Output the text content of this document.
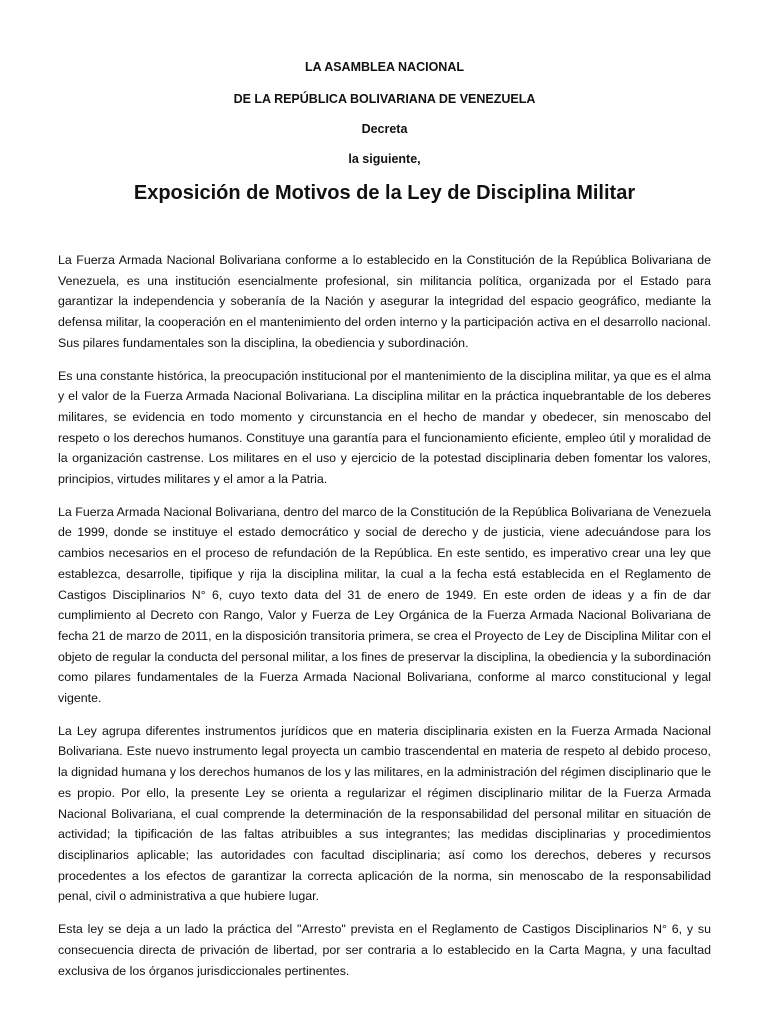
LA ASAMBLEA NACIONAL
DE LA REPÚBLICA BOLIVARIANA DE VENEZUELA
Decreta
la siguiente,
Exposición de Motivos de la Ley de Disciplina Militar

La Fuerza Armada Nacional Bolivariana conforme a lo establecido en la Constitución de la República Bolivariana de Venezuela, es una institución esencialmente profesional, sin militancia política, organizada por el Estado para garantizar la independencia y soberanía de la Nación y asegurar la integridad del espacio geográfico, mediante la defensa militar, la cooperación en el mantenimiento del orden interno y la participación activa en el desarrollo nacional. Sus pilares fundamentales son la disciplina, la obediencia y subordinación.

Es una constante histórica, la preocupación institucional por el mantenimiento de la disciplina militar, ya que es el alma y el valor de la Fuerza Armada Nacional Bolivariana. La disciplina militar en la práctica inquebrantable de los deberes militares, se evidencia en todo momento y circunstancia en el hecho de mandar y obedecer, sin menoscabo del respeto o los derechos humanos. Constituye una garantía para el funcionamiento eficiente, empleo útil y moralidad de la organización castrense. Los militares en el uso y ejercicio de la potestad disciplinaria deben fomentar los valores, principios, virtudes militares y el amor a la Patria.

La Fuerza Armada Nacional Bolivariana, dentro del marco de la Constitución de la República Bolivariana de Venezuela de 1999, donde se instituye el estado democrático y social de derecho y de justicia, viene adecuándose para los cambios necesarios en el proceso de refundación de la República. En este sentido, es imperativo crear una ley que establezca, desarrolle, tipifique y rija la disciplina militar, la cual a la fecha está establecida en el Reglamento de Castigos Disciplinarios N° 6, cuyo texto data del 31 de enero de 1949. En este orden de ideas y a fin de dar cumplimiento al Decreto con Rango, Valor y Fuerza de Ley Orgánica de la Fuerza Armada Nacional Bolivariana de fecha 21 de marzo de 2011, en la disposición transitoria primera, se crea el Proyecto de Ley de Disciplina Militar con el objeto de regular la conducta del personal militar, a los fines de preservar la disciplina, la obediencia y la subordinación como pilares fundamentales de la Fuerza Armada Nacional Bolivariana, conforme al marco constitucional y legal vigente.

La Ley agrupa diferentes instrumentos jurídicos que en materia disciplinaria existen en la Fuerza Armada Nacional Bolivariana. Este nuevo instrumento legal proyecta un cambio trascendental en materia de respeto al debido proceso, la dignidad humana y los derechos humanos de los y las militares, en la administración del régimen disciplinario que le es propio. Por ello, la presente Ley se orienta a regularizar el régimen disciplinario militar de la Fuerza Armada Nacional Bolivariana, el cual comprende la determinación de la responsabilidad del personal militar en situación de actividad; la tipificación de las faltas atribuibles a sus integrantes; las medidas disciplinarias y procedimientos disciplinarios aplicable; las autoridades con facultad disciplinaria; así como los derechos, deberes y recursos procedentes a los efectos de garantizar la correcta aplicación de la norma, sin menoscabo de la responsabilidad penal, civil o administrativa a que hubiere lugar.

Esta ley se deja a un lado la práctica del "Arresto" prevista en el Reglamento de Castigos Disciplinarios N° 6, y su consecuencia directa de privación de libertad, por ser contraria a lo establecido en la Carta Magna, y una facultad exclusiva de los órganos jurisdiccionales pertinentes.
